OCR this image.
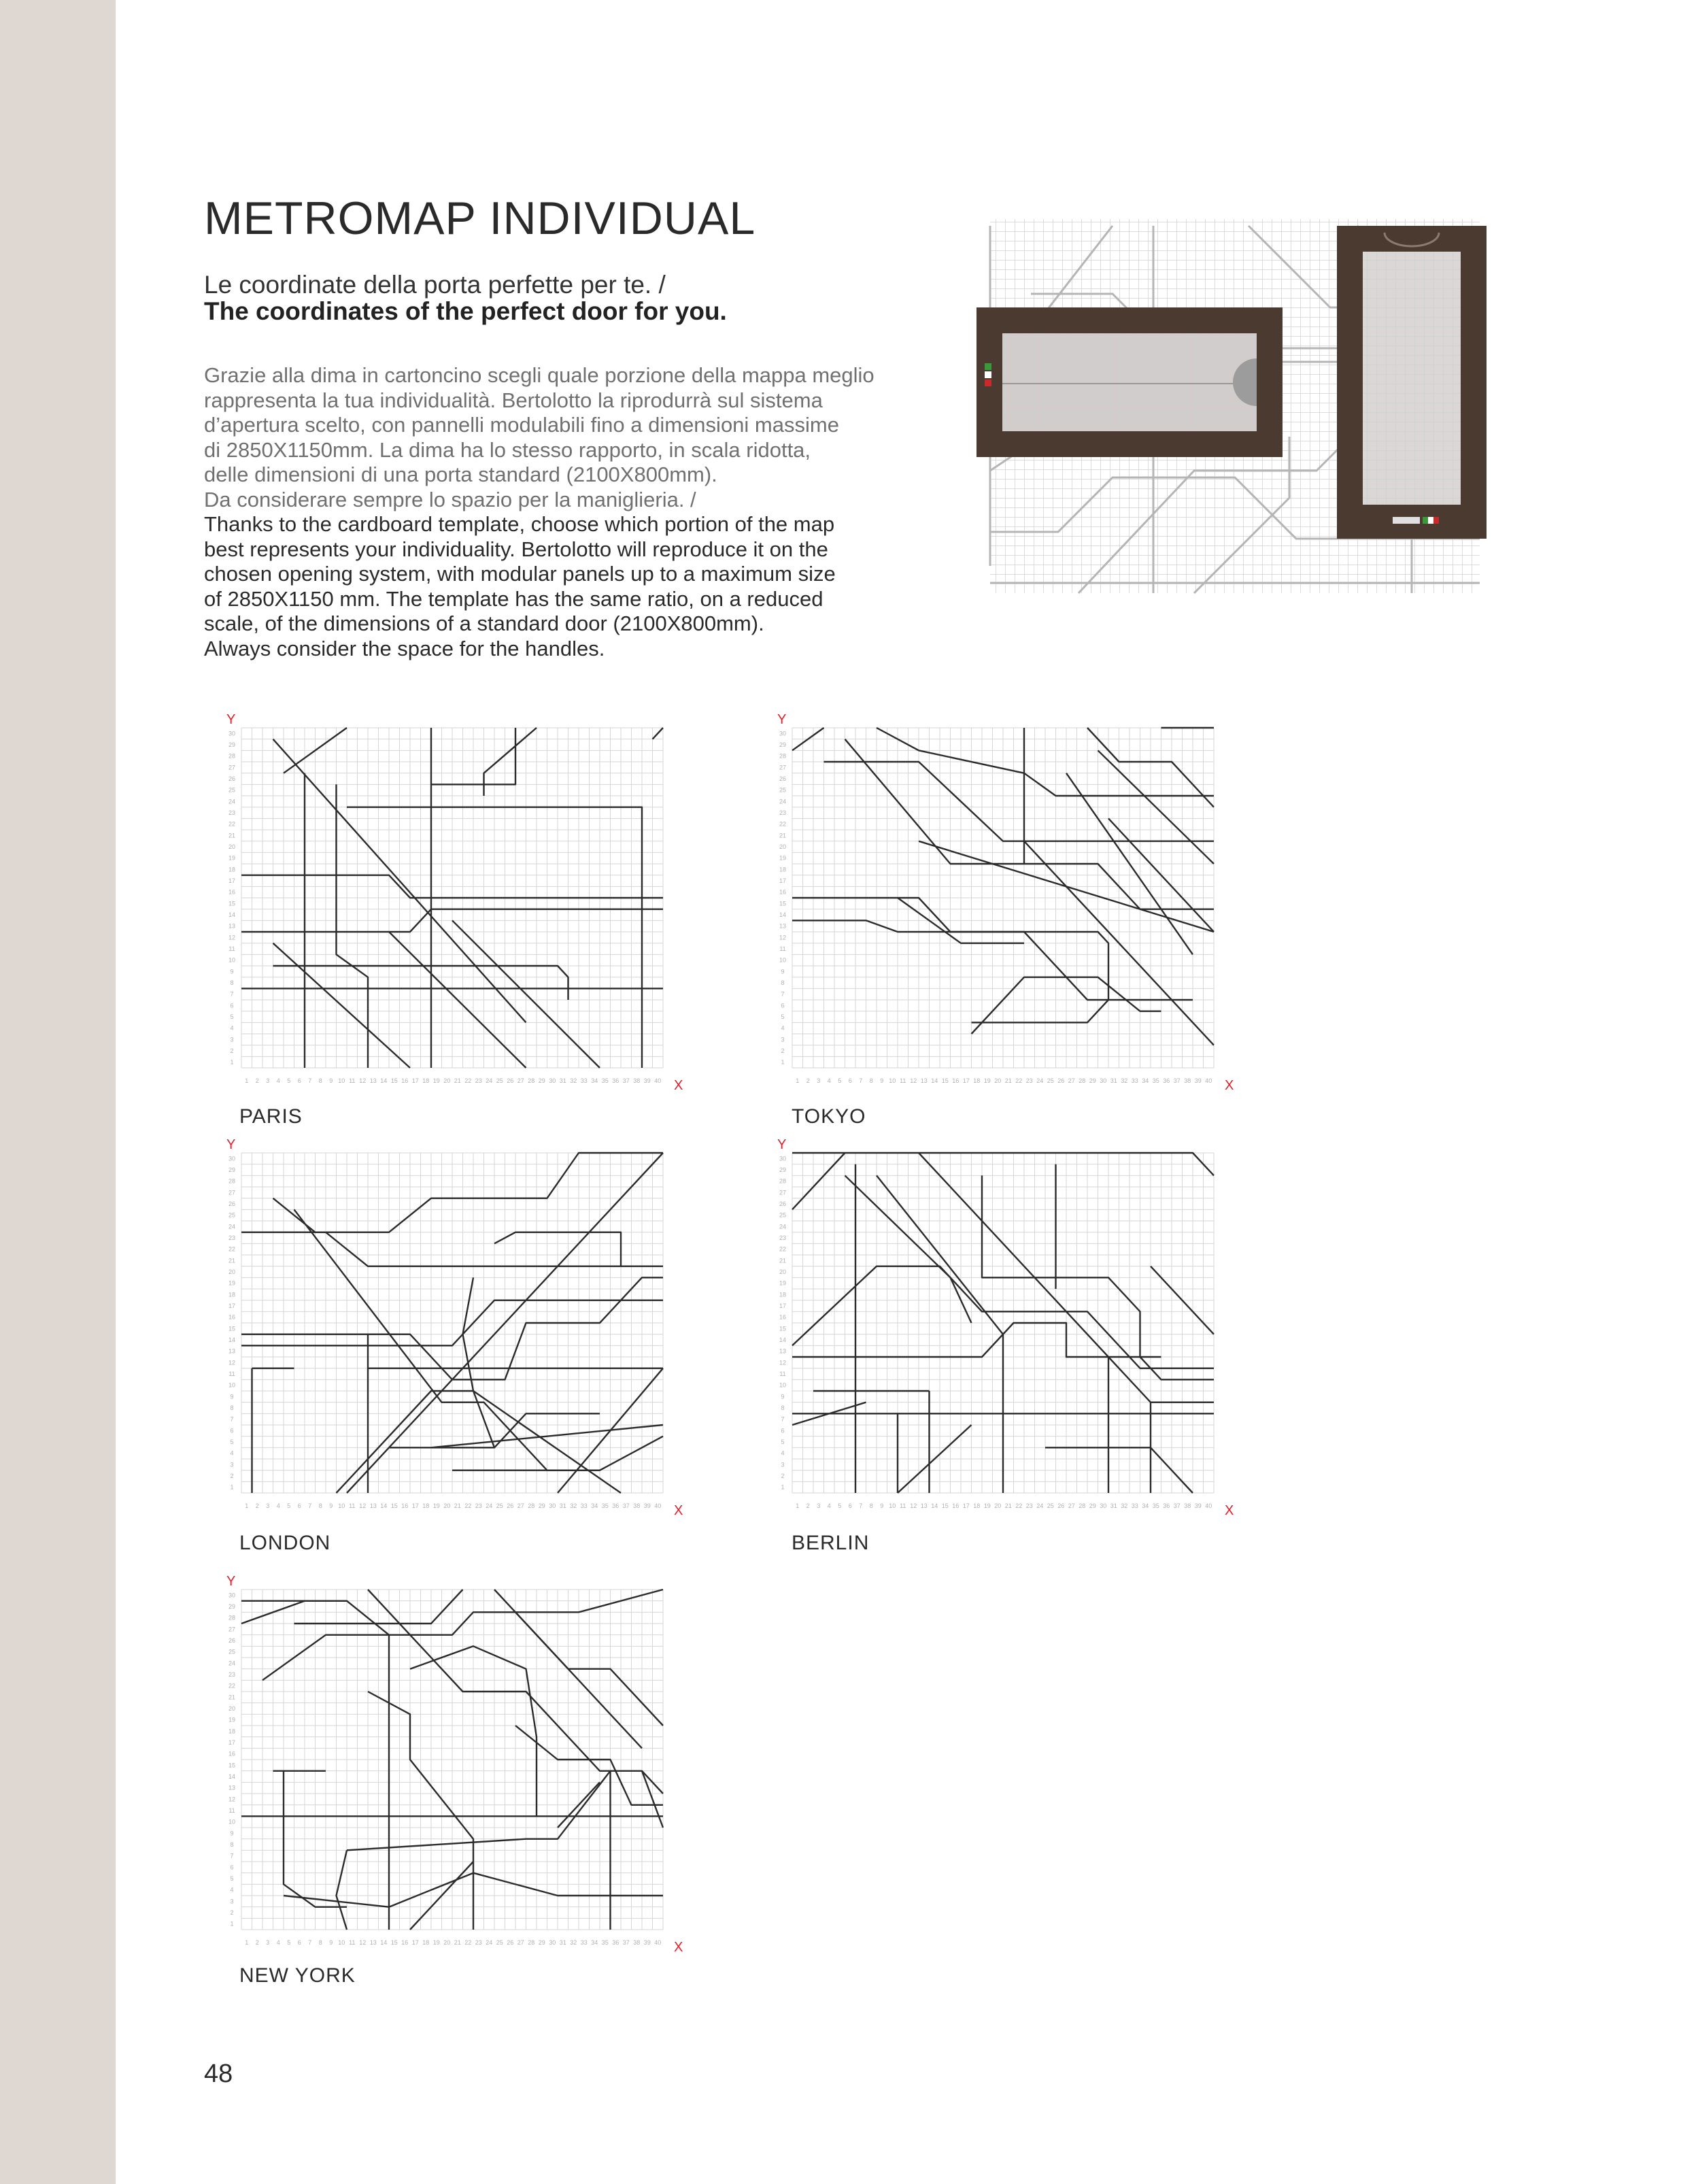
METROMAP INDIVIDUAL
Le coordinate della porta perfette per te. /
The coordinates of the perfect door for you.
Grazie alla dima in cartoncino scegli quale porzione della mappa meglio
rappresenta la tua individualità. Bertolotto la riprodurrà sul sistema
d’apertura scelto, con pannelli modulabili fino a dimensioni massime
di 2850X1150mm. La dima ha lo stesso rapporto, in scala ridotta,
delle dimensioni di una porta standard (2100X800mm).
Da considerare sempre lo spazio per la maniglieria. /
Thanks to the cardboard template, choose which portion of the map
best represents your individuality. Bertolotto will reproduce it on the
chosen opening system, with modular panels up to a maximum size
of 2850X1150 mm. The template has the same ratio, on a reduced
scale, of the dimensions of a standard door (2100X800mm).
Always consider the space for the handles.
1 2 3 4 5 6 7 8 9 10 11 12 13 14 15 16 17 18 19 20 21 22 23 24 25 26 27 28 29 30 31 32 33 34 35 36 37 38 39 40
1
2
3
4
5
6
7
8
9
10
11
12
13
14
15
16
17
18
19
20
21
22
23
24
25
26
27
28
29
30
Y
X
PARIS
1 2 3 4 5 6 7 8 9 10 11 12 13 14 15 16 17 18 19 20 21 22 23 24 25 26 27 28 29 30 31 32 33 34 35 36 37 38 39 40
1
2
3
4
5
6
7
8
9
10
11
12
13
14
15
16
17
18
19
20
21
22
23
24
25
26
27
28
29
30
Y
X
TOKYO
1 2 3 4 5 6 7 8 9 10 11 12 13 14 15 16 17 18 19 20 21 22 23 24 25 26 27 28 29 30 31 32 33 34 35 36 37 38 39 40
1
2
3
4
5
6
7
8
9
10
11
12
13
14
15
16
17
18
19
20
21
22
23
24
25
26
27
28
29
30
Y
X
LONDON
1 2 3 4 5 6 7 8 9 10 11 12 13 14 15 16 17 18 19 20 21 22 23 24 25 26 27 28 29 30 31 32 33 34 35 36 37 38 39 40
1
2
3
4
5
6
7
8
9
10
11
12
13
14
15
16
17
18
19
20
21
22
23
24
25
26
27
28
29
30
Y
X
BERLIN
1 2 3 4 5 6 7 8 9 10 11 12 13 14 15 16 17 18 19 20 21 22 23 24 25 26 27 28 29 30 31 32 33 34 35 36 37 38 39 40
1
2
3
4
5
6
7
8
9
10
11
12
13
14
15
16
17
18
19
20
21
22
23
24
25
26
27
28
29
30
Y
X
NEW YORK
48
